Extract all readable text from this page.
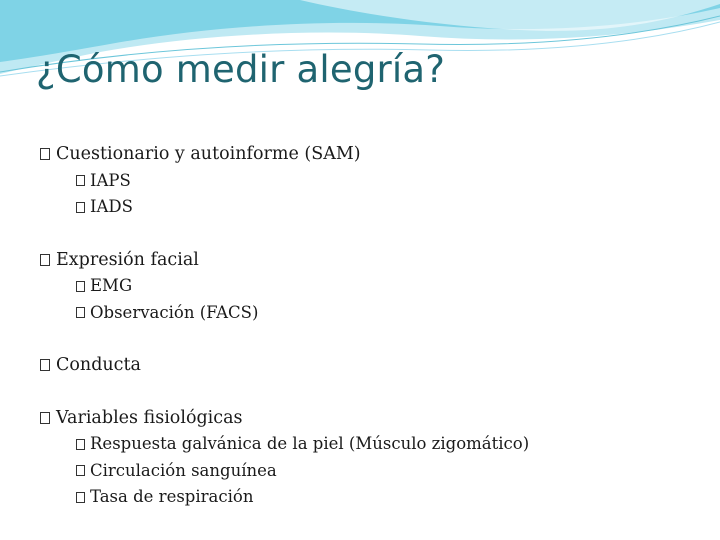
¿Cómo medir alegría?
Cuestionario y autoinforme (SAM)
IAPS
IADS
Expresión facial
EMG
Observación (FACS)
Conducta
Variables fisiológicas
Respuesta galvánica de la piel (Músculo zigomático)
Circulación sanguínea
Tasa de respiración
